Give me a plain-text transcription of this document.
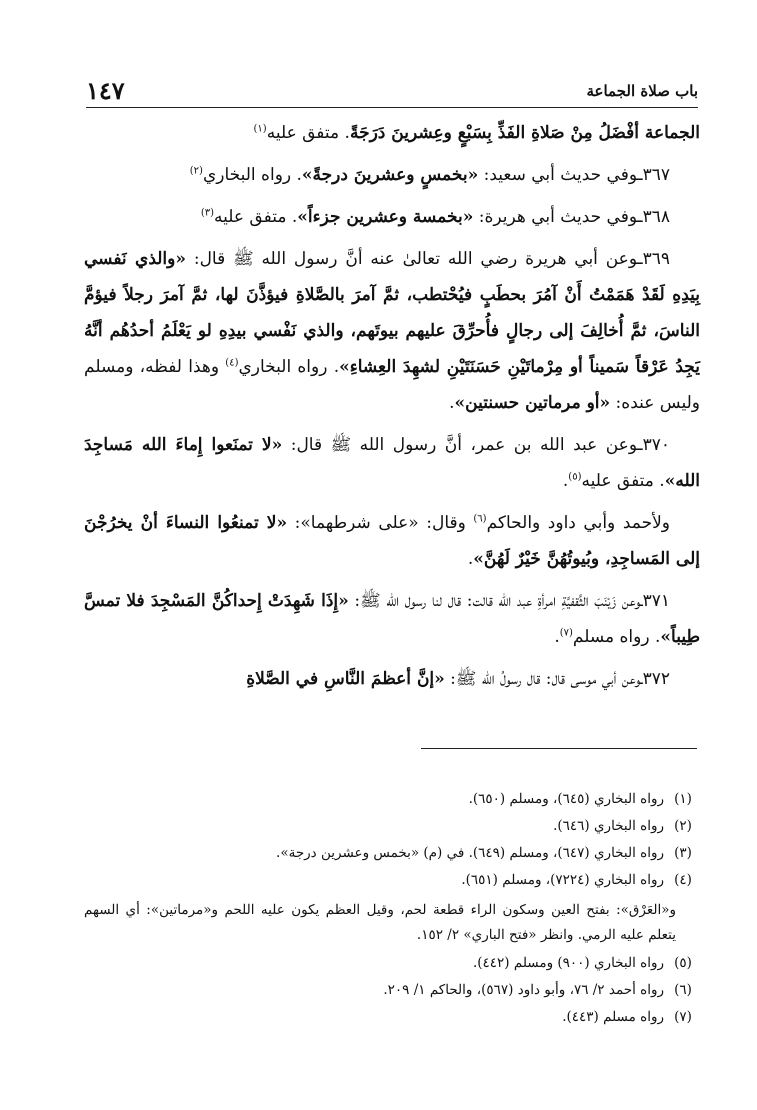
باب صلاة الجماعة
١٤٧

الجماعة أفْضَلُ مِنْ صَلاةِ الفَذِّ بِسَبْعٍ وعِشرينَ دَرَجَةً. متفق عليه$^{(١)}$

٣٦٧ـوفي حديث أبي سعيد: «بخمسٍ وعشرينَ درجةً». رواه البخاري$^{(٢)}$

٣٦٨ـوفي حديث أبي هريرة: «بخمسة وعشرين جزءاً». متفق عليه$^{(٣)}$

٣٦٩ـوعن أبي هريرة رضي الله تعالىٰ عنه أنَّ رسول الله ﷺ قال: «والذي نَفسي بِيَدِهِ لَقَدْ هَمَمْتُ أَنْ آمُرَ بحطَبٍ فيُحْتطب، ثمَّ آمرَ بالصَّلاةِ فيؤذَّنَ لها، ثمَّ آمرَ رجلاً فيؤمَّ الناسَ، ثمَّ أُخالِفَ إلى رجالٍ فأُحرِّقَ عليهم بيوتَهم، والذي نَفْسي بيدِهِ لو يَعْلَمُ أحدُهُم أنَّهُ يَجِدُ عَرْقاً سَميناً أو مِرْماتَيْنِ حَسَنَتَيْنِ لشهِدَ العِشاءِ». رواه البخاري$^{(٤)}$ وهذا لفظه، ومسلم وليس عنده: «أو مرماتين حسنتين».

٣٧٠ـوعن عبد الله بن عمر، أنَّ رسول الله ﷺ قال: «لا تمنَعوا إِماءَ الله مَساجِدَ الله». متفق عليه$^{(٥)}$.

ولأحمد وأبي داود والحاكم$^{(٦)}$ وقال: «على شرطهما»: «لا تمنعُوا النساءَ أنْ يخرُجْنَ إلى المَساجِدِ، وبُيوتُهُنَّ خَيْرٌ لَهُنَّ».

٣٧١ـوعن زَيْنَبَ الثَّقفيَّةِ امرأةِ عبد الله قالت: قال لنا رسول الله ﷺ: «إِذَا شَهِدَتْ إِحداكُنَّ المَسْجِدَ فلا تمسَّ طِيباً». رواه مسلم$^{(٧)}$.

٣٧٢ـوعن أبي موسى قال: قال رسولُ الله ﷺ: «إنَّ أعظمَ النَّاسِ في الصَّلاةِ

(١)
رواه البخاري (٦٤٥)، ومسلم (٦٥٠).
(٢)
رواه البخاري (٦٤٦).
(٣)
رواه البخاري (٦٤٧)، ومسلم (٦٤٩). في (م) «بخمس وعشرين درجة».
(٤)
رواه البخاري (٧٢٢٤)، ومسلم (٦٥١).
و«العَرْق»: بفتح العين وسكون الراء قطعة لحم، وقيل العظم يكون عليه اللحم و«مرماتين»: أي السهم يتعلم عليه الرمي. وانظر «فتح الباري» ٢/ ١٥٢.
(٥)
رواه البخاري (٩٠٠) ومسلم (٤٤٢).
(٦)
رواه أحمد ٢/ ٧٦، وأبو داود (٥٦٧)، والحاكم ١/ ٢٠٩.
(٧)
رواه مسلم (٤٤٣).
